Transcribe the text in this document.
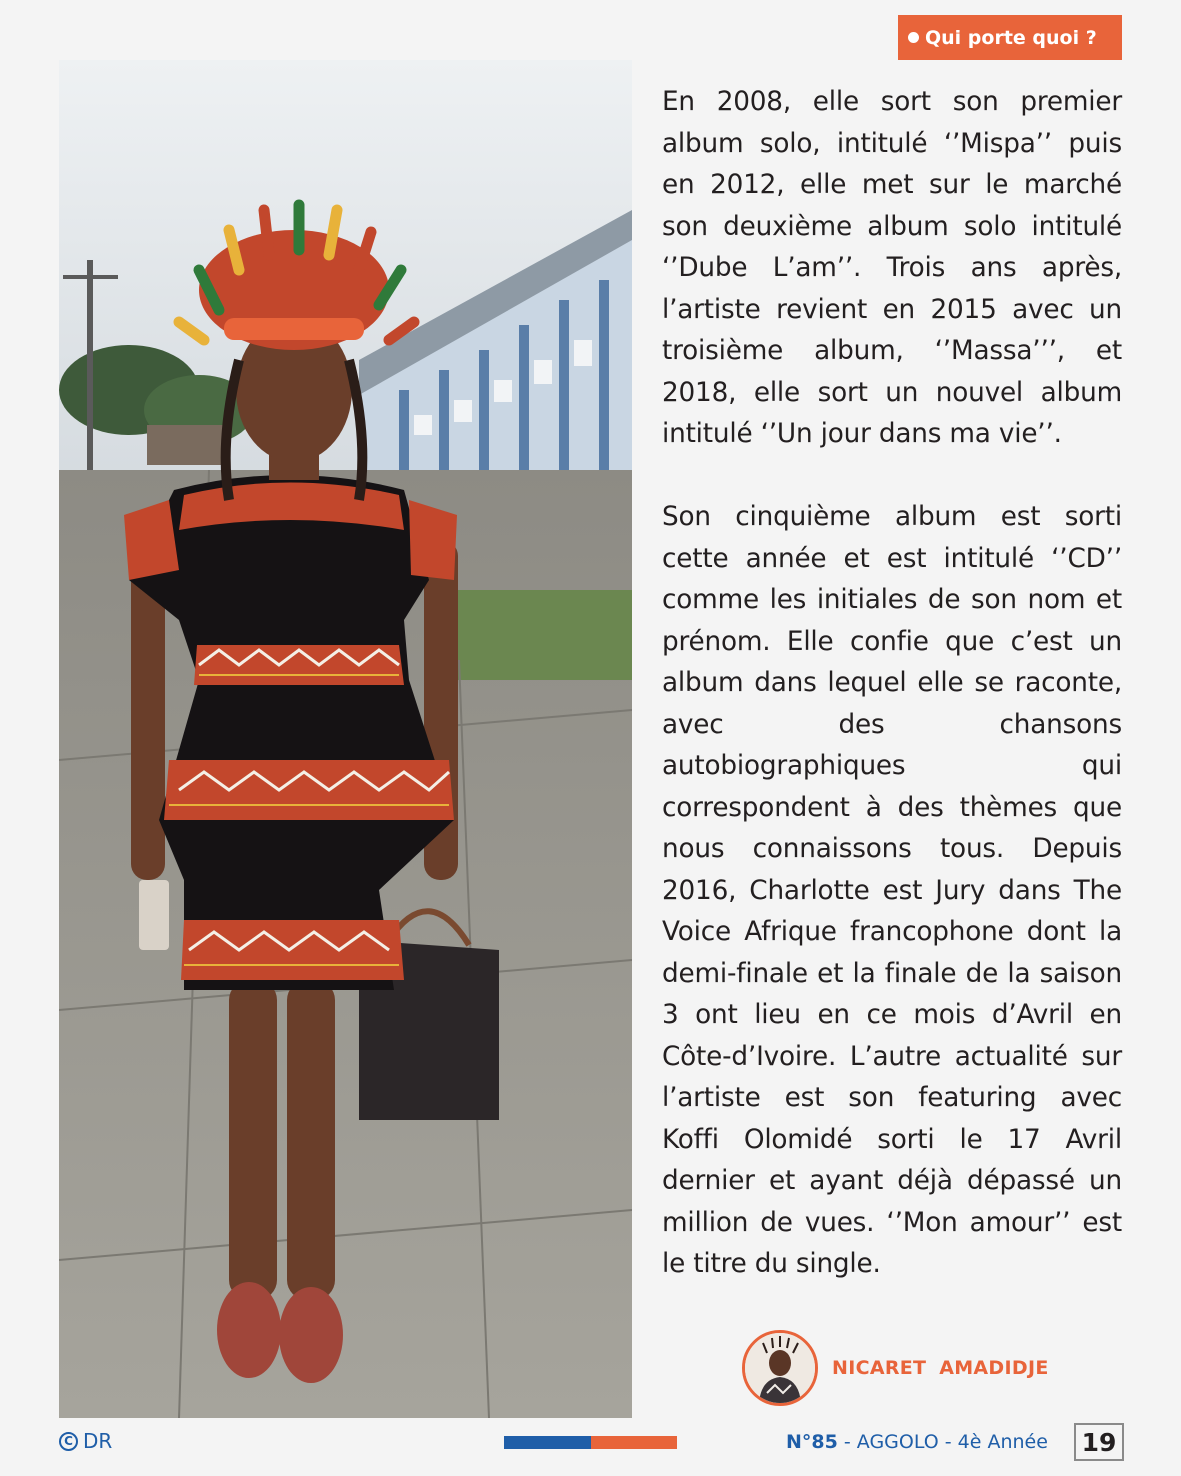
Qui porte quoi ?

En 2008, elle sort son premier album solo, intitulé ‘’Mispa’’ puis en 2012, elle met sur le marché son deuxième album solo intitulé ‘’Dube L’am’’. Trois ans après, l’artiste revient en 2015 avec un troisième album, ‘’Massa’’’, et 2018, elle sort un nouvel album intitulé ‘’Un jour dans ma vie’’.

Son cinquième album est sorti cette année et est intitulé ‘’CD’’ comme les initiales de son nom et prénom. Elle confie que c’est un album dans lequel elle se raconte, avec des chansons autobiographiques qui correspondent à des thèmes que nous connaissons tous. Depuis 2016, Charlotte est Jury dans The Voice Afrique francophone dont la demi-finale et la finale de la saison 3 ont lieu en ce mois d’Avril en Côte-d’Ivoire. L’autre actualité sur l’artiste est son featuring avec Koffi Olomidé sorti le 17 Avril dernier et ayant déjà dépassé un million de vues. ‘’Mon amour’’ est le titre du single.

NICARET AMADIDJE
C DR	N°85 - AGGOLO - 4è Année	19
